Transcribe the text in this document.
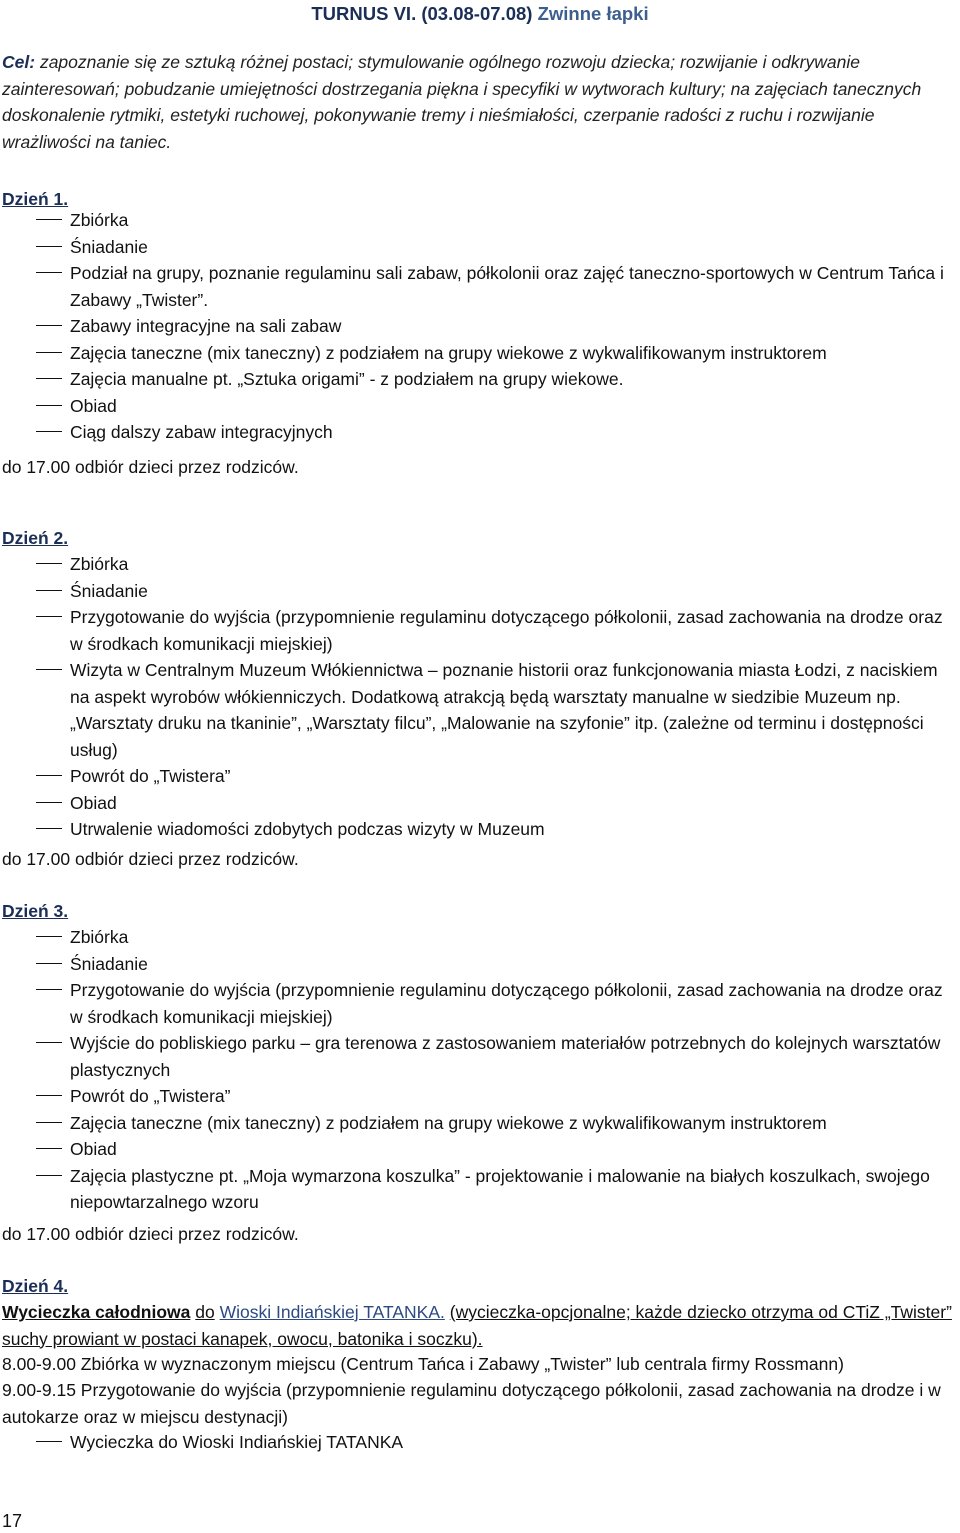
TURNUS VI. (03.08-07.08) Zwinne łapki
Cel: zapoznanie się ze sztuką różnej postaci; stymulowanie ogólnego rozwoju dziecka; rozwijanie i odkrywanie zainteresowań; pobudzanie umiejętności dostrzegania piękna i specyfiki w wytworach kultury; na zajęciach tanecznych doskonalenie rytmiki, estetyki ruchowej, pokonywanie tremy i nieśmiałości, czerpanie radości z ruchu i rozwijanie wrażliwości na taniec.
Dzień 1.
Zbiórka
Śniadanie
Podział na grupy, poznanie regulaminu sali zabaw, półkolonii oraz zajęć taneczno-sportowych w Centrum Tańca i Zabawy „Twister”.
Zabawy integracyjne na sali zabaw
Zajęcia taneczne (mix taneczny) z podziałem na grupy wiekowe z wykwalifikowanym instruktorem
Zajęcia manualne pt. „Sztuka origami” - z podziałem na grupy wiekowe.
Obiad
Ciąg dalszy zabaw integracyjnych
do 17.00 odbiór dzieci przez rodziców.
Dzień 2.
Zbiórka
Śniadanie
Przygotowanie do wyjścia (przypomnienie regulaminu dotyczącego półkolonii, zasad zachowania na drodze oraz w środkach komunikacji miejskiej)
Wizyta w Centralnym Muzeum Włókiennictwa – poznanie historii oraz funkcjonowania miasta Łodzi, z naciskiem na aspekt wyrobów włókienniczych. Dodatkową atrakcją będą warsztaty manualne w siedzibie Muzeum np. „Warsztaty druku na tkaninie”, „Warsztaty filcu”, „Malowanie na szyfonie” itp. (zależne od terminu i dostępności usług)
Powrót do „Twistera”
Obiad
Utrwalenie wiadomości zdobytych podczas wizyty w Muzeum
do 17.00 odbiór dzieci przez rodziców.
Dzień 3.
Zbiórka
Śniadanie
Przygotowanie do wyjścia (przypomnienie regulaminu dotyczącego półkolonii, zasad zachowania na drodze oraz w środkach komunikacji miejskiej)
Wyjście do pobliskiego parku – gra terenowa z zastosowaniem materiałów potrzebnych do kolejnych warsztatów plastycznych
Powrót do „Twistera”
Zajęcia taneczne (mix taneczny) z podziałem na grupy wiekowe z wykwalifikowanym instruktorem
Obiad
Zajęcia plastyczne pt. „Moja wymarzona koszulka” - projektowanie i malowanie na białych koszulkach, swojego niepowtarzalnego wzoru
do 17.00 odbiór dzieci przez rodziców.
Dzień 4.
Wycieczka całodniowa do Wioski Indiańskiej TATANKA. (wycieczka-opcjonalne; każde dziecko otrzyma od CTiZ „Twister” suchy prowiant w postaci kanapek, owocu, batonika i soczku).
8.00-9.00 Zbiórka w wyznaczonym miejscu (Centrum Tańca i Zabawy „Twister” lub centrala firmy Rossmann)
9.00-9.15 Przygotowanie do wyjścia (przypomnienie regulaminu dotyczącego półkolonii, zasad zachowania na drodze i w autokarze oraz w miejscu destynacji)
Wycieczka do Wioski Indiańskiej TATANKA
17
